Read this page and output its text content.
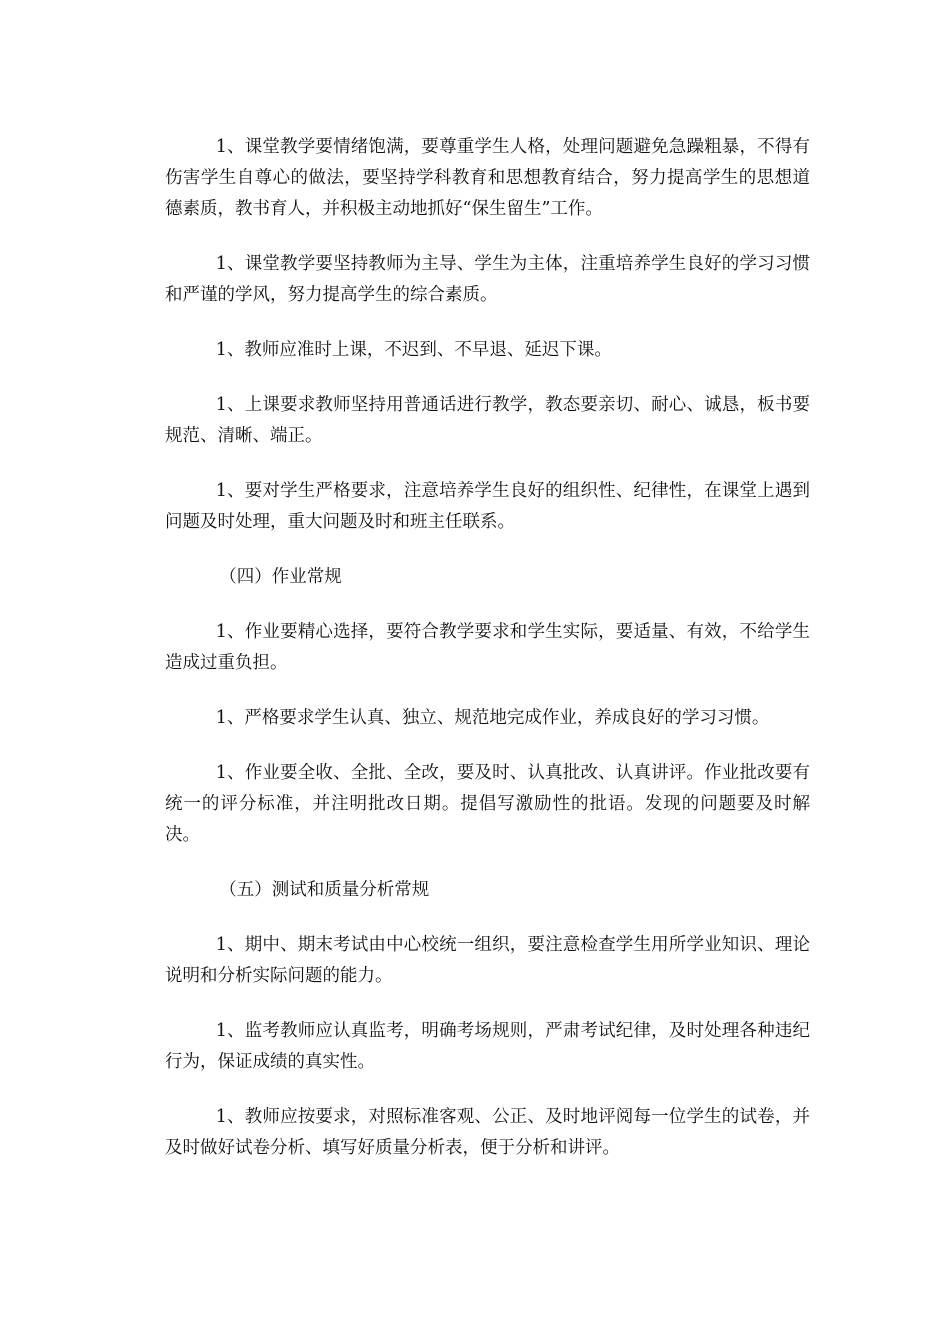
1、课堂教学要情绪饱满，要尊重学生人格，处理问题避免急躁粗暴，不得有伤害学生自尊心的做法，要坚持学科教育和思想教育结合，努力提高学生的思想道德素质，教书育人，并积极主动地抓好“保生留生”工作。

1、课堂教学要坚持教师为主导、学生为主体，注重培养学生良好的学习习惯和严谨的学风，努力提高学生的综合素质。

1、教师应准时上课，不迟到、不早退、延迟下课。

1、上课要求教师坚持用普通话进行教学，教态要亲切、耐心、诚恳，板书要规范、清晰、端正。

1、要对学生严格要求，注意培养学生良好的组织性、纪律性，在课堂上遇到问题及时处理，重大问题及时和班主任联系。

（四）作业常规

1、作业要精心选择，要符合教学要求和学生实际，要适量、有效，不给学生造成过重负担。

1、严格要求学生认真、独立、规范地完成作业，养成良好的学习习惯。

1、作业要全收、全批、全改，要及时、认真批改、认真讲评。作业批改要有统一的评分标准，并注明批改日期。提倡写激励性的批语。发现的问题要及时解决。

（五）测试和质量分析常规

1、期中、期末考试由中心校统一组织，要注意检查学生用所学业知识、理论说明和分析实际问题的能力。

1、监考教师应认真监考，明确考场规则，严肃考试纪律，及时处理各种违纪行为，保证成绩的真实性。

1、教师应按要求，对照标准客观、公正、及时地评阅每一位学生的试卷，并及时做好试卷分析、填写好质量分析表，便于分析和讲评。
